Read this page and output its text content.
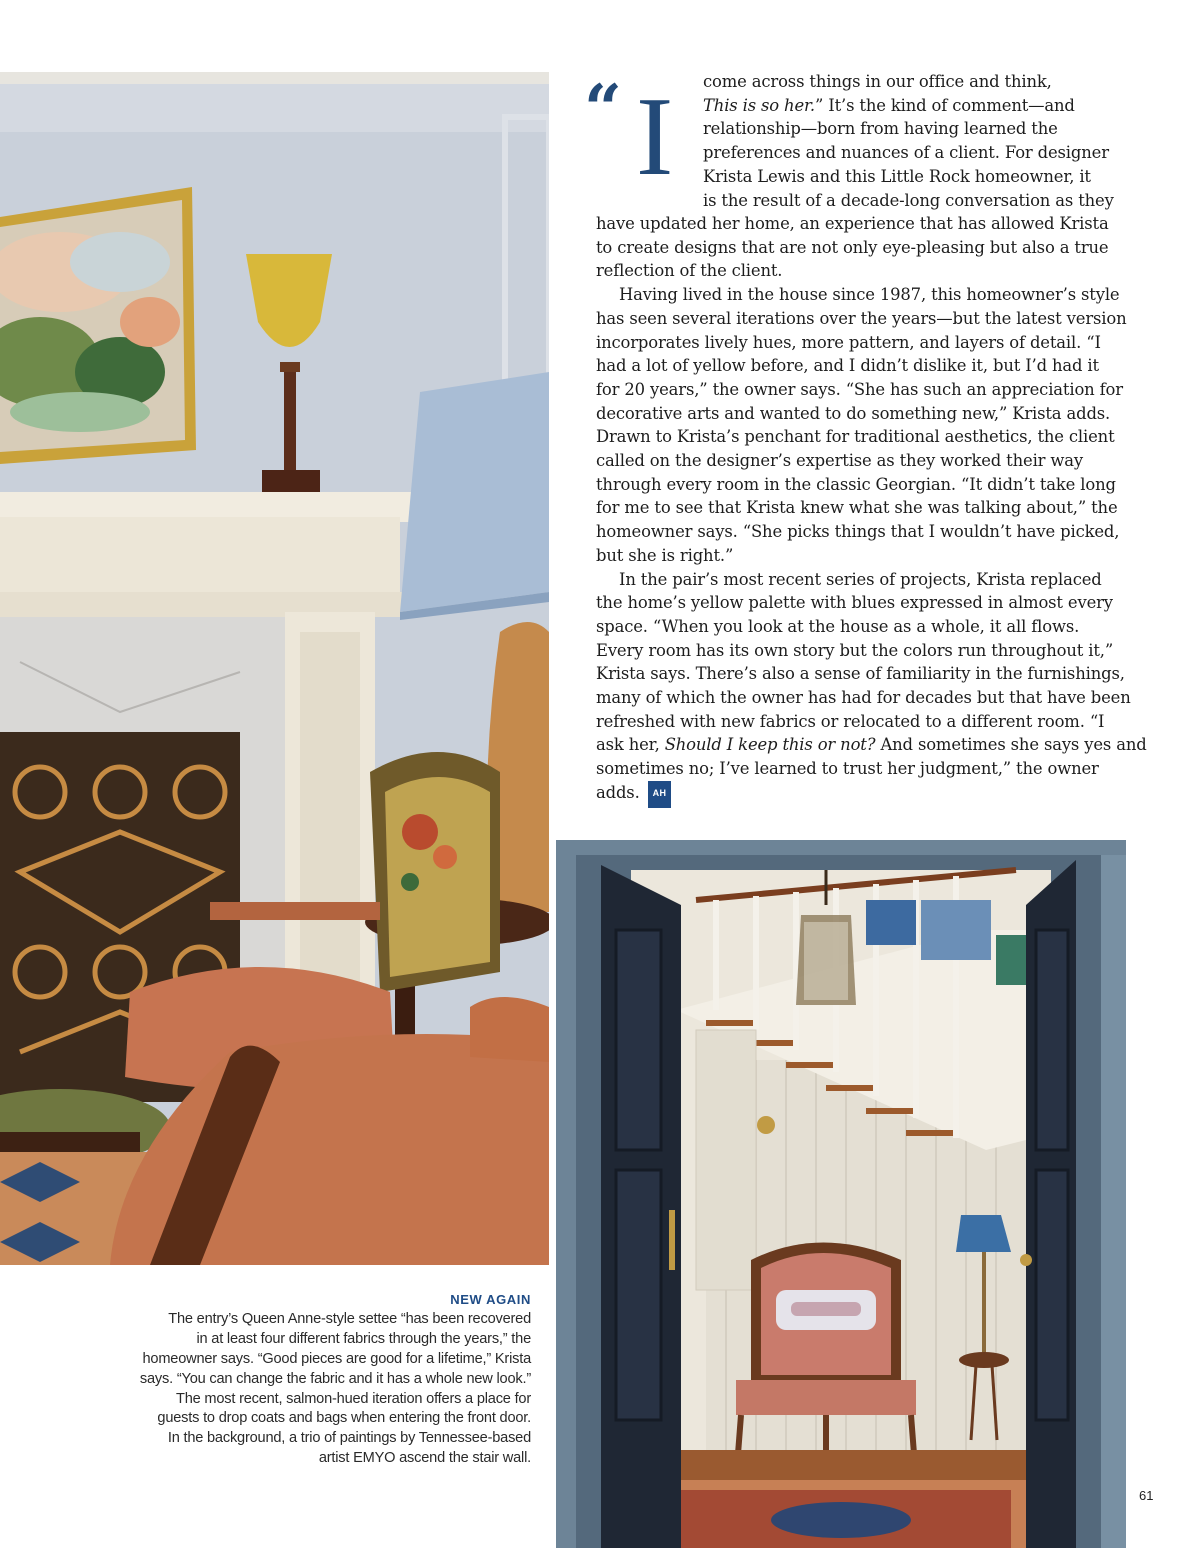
“ I come across things in our office and think,
This is so her.” It’s the kind of comment—and
relationship—born from having learned the
preferences and nuances of a client. For designer
Krista Lewis and this Little Rock homeowner, it
is the result of a decade-long conversation as they

have updated her home, an experience that has allowed Krista
to create designs that are not only eye-pleasing but also a true
reflection of the client.

Having lived in the house since 1987, this homeowner’s style
has seen several iterations over the years—but the latest version
incorporates lively hues, more pattern, and layers of detail. “I
had a lot of yellow before, and I didn’t dislike it, but I’d had it
for 20 years,” the owner says. “She has such an appreciation for
decorative arts and wanted to do something new,” Krista adds.
Drawn to Krista’s penchant for traditional aesthetics, the client
called on the designer’s expertise as they worked their way
through every room in the classic Georgian. “It didn’t take long
for me to see that Krista knew what she was talking about,” the
homeowner says. “She picks things that I wouldn’t have picked,
but she is right.”

In the pair’s most recent series of projects, Krista replaced
the home’s yellow palette with blues expressed in almost every
space. “When you look at the house as a whole, it all flows.
Every room has its own story but the colors run throughout it,”
Krista says. There’s also a sense of familiarity in the furnishings,
many of which the owner has had for decades but that have been
refreshed with new fabrics or relocated to a different room. “I
ask her, Should I keep this or not? And sometimes she says yes and
sometimes no; I’ve learned to trust her judgment,” the owner
adds. AH

NEW AGAIN
The entry’s Queen Anne-style settee “has been recovered
in at least four different fabrics through the years,” the
homeowner says. “Good pieces are good for a lifetime,” Krista
says. “You can change the fabric and it has a whole new look.”
The most recent, salmon-hued iteration offers a place for
guests to drop coats and bags when entering the front door.
In the background, a trio of paintings by Tennessee-based
artist EMYO ascend the stair wall.
61
